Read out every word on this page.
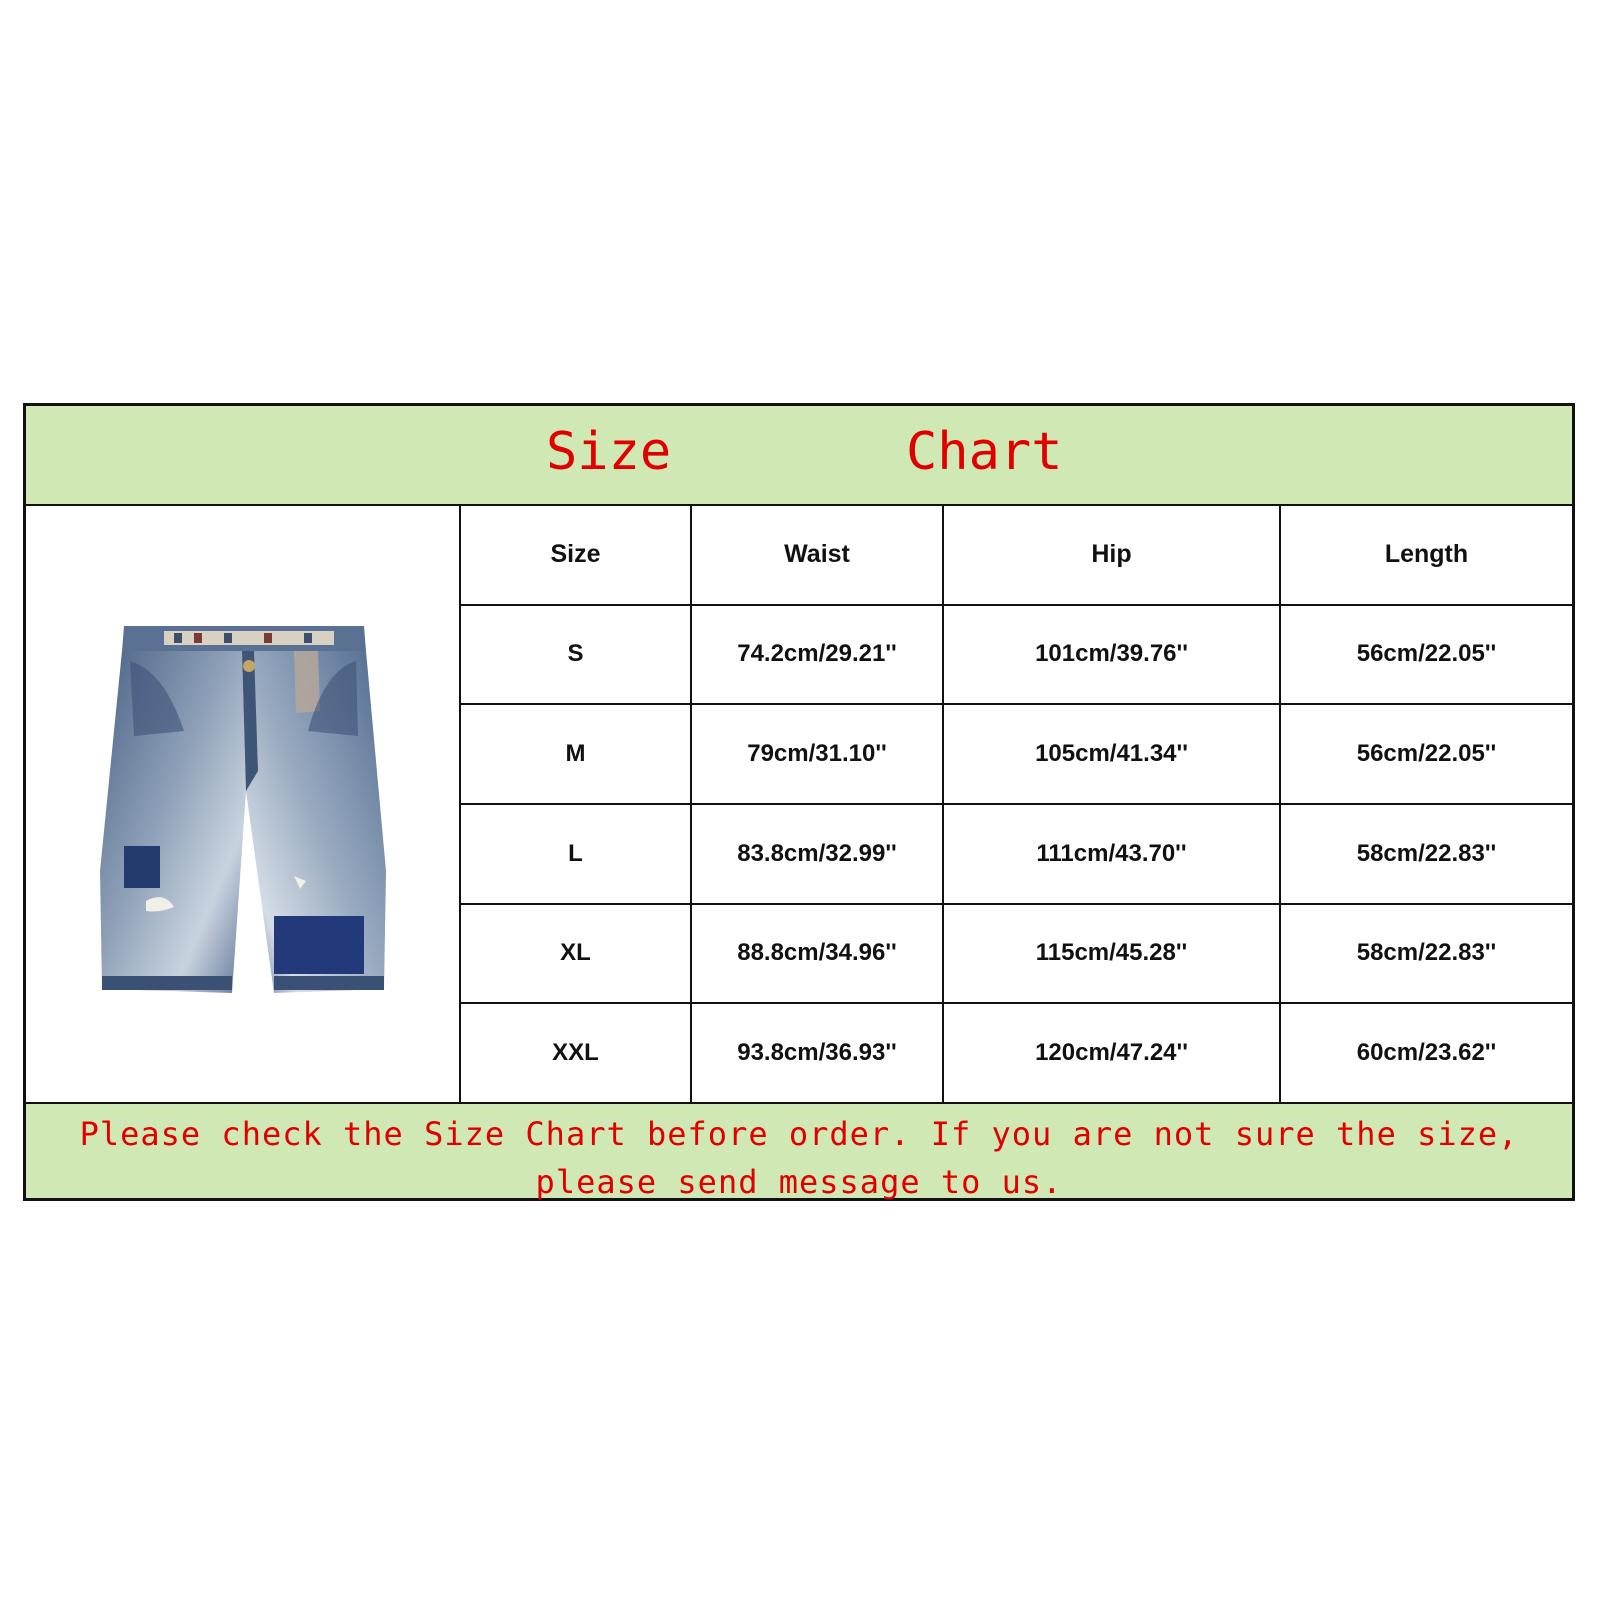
Size	Chart
Size	Waist	Hip	Length
S	74.2cm/29.21''	101cm/39.76''	56cm/22.05''
M	79cm/31.10''	105cm/41.34''	56cm/22.05''
L	83.8cm/32.99''	111cm/43.70''	58cm/22.83''
XL	88.8cm/34.96''	115cm/45.28''	58cm/22.83''
XXL	93.8cm/36.93''	120cm/47.24''	60cm/23.62''
Please check the Size Chart before order. If you are not sure the size,
please send message to us.
